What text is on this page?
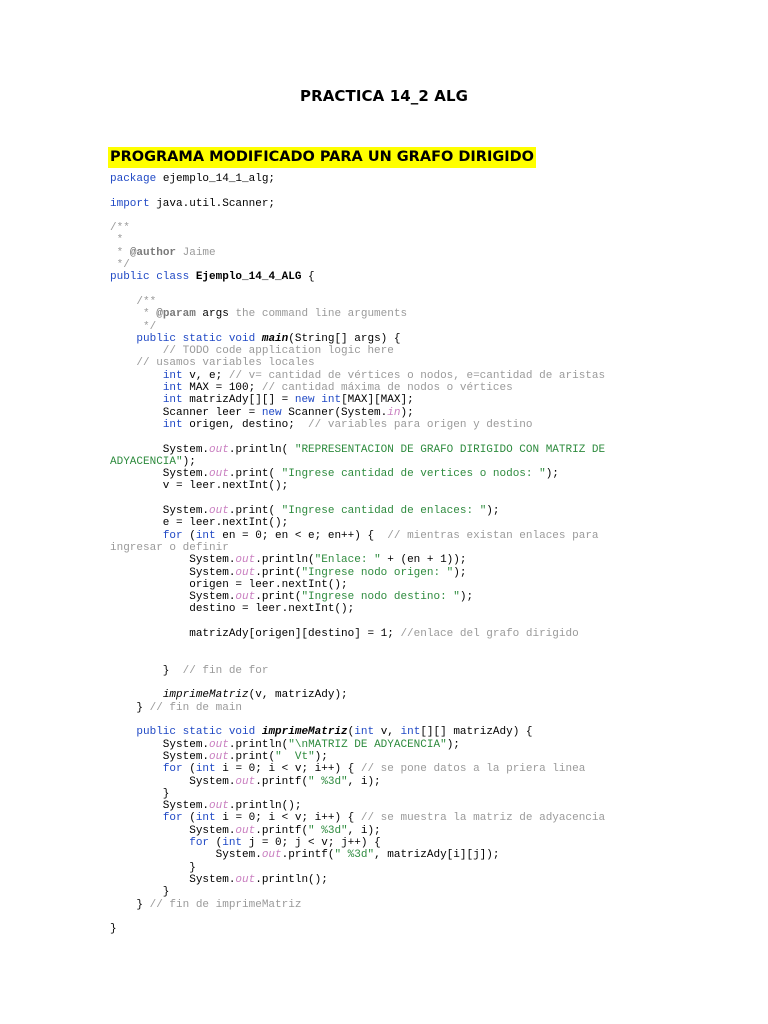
PRACTICA 14_2 ALG
PROGRAMA MODIFICADO PARA UN GRAFO DIRIGIDO
package ejemplo_14_1_alg;

import java.util.Scanner;

/**
*
* @author Jaime
*/
public class Ejemplo_14_4_ALG {

/**
* @param args the command line arguments
*/
public static void main(String[] args) {
// TODO code application logic here
// usamos variables locales
int v, e; // v= cantidad de vértices o nodos, e=cantidad de aristas
int MAX = 100; // cantidad máxima de nodos o vértices
int matrizAdy[][] = new int[MAX][MAX];
Scanner leer = new Scanner(System.in);
int origen, destino;  // variables para origen y destino

System.out.println( "REPRESENTACION DE GRAFO DIRIGIDO CON MATRIZ DE
ADYACENCIA");
System.out.print( "Ingrese cantidad de vertices o nodos: ");
v = leer.nextInt();

System.out.print( "Ingrese cantidad de enlaces: ");
e = leer.nextInt();
for (int en = 0; en < e; en++) {  // mientras existan enlaces para
ingresar o definir
System.out.println("Enlace: " + (en + 1));
System.out.print("Ingrese nodo origen: ");
origen = leer.nextInt();
System.out.print("Ingrese nodo destino: ");
destino = leer.nextInt();

matrizAdy[origen][destino] = 1; //enlace del grafo dirigido

}  // fin de for

imprimeMatriz(v, matrizAdy);
} // fin de main

public static void imprimeMatriz(int v, int[][] matrizAdy) {
System.out.println("\nMATRIZ DE ADYACENCIA");
System.out.print("  Vt");
for (int i = 0; i < v; i++) { // se pone datos a la priera linea
System.out.printf(" %3d", i);
}
System.out.println();
for (int i = 0; i < v; i++) { // se muestra la matriz de adyacencia
System.out.printf(" %3d", i);
for (int j = 0; j < v; j++) {
System.out.printf(" %3d", matrizAdy[i][j]);
}
System.out.println();
}
} // fin de imprimeMatriz

}
